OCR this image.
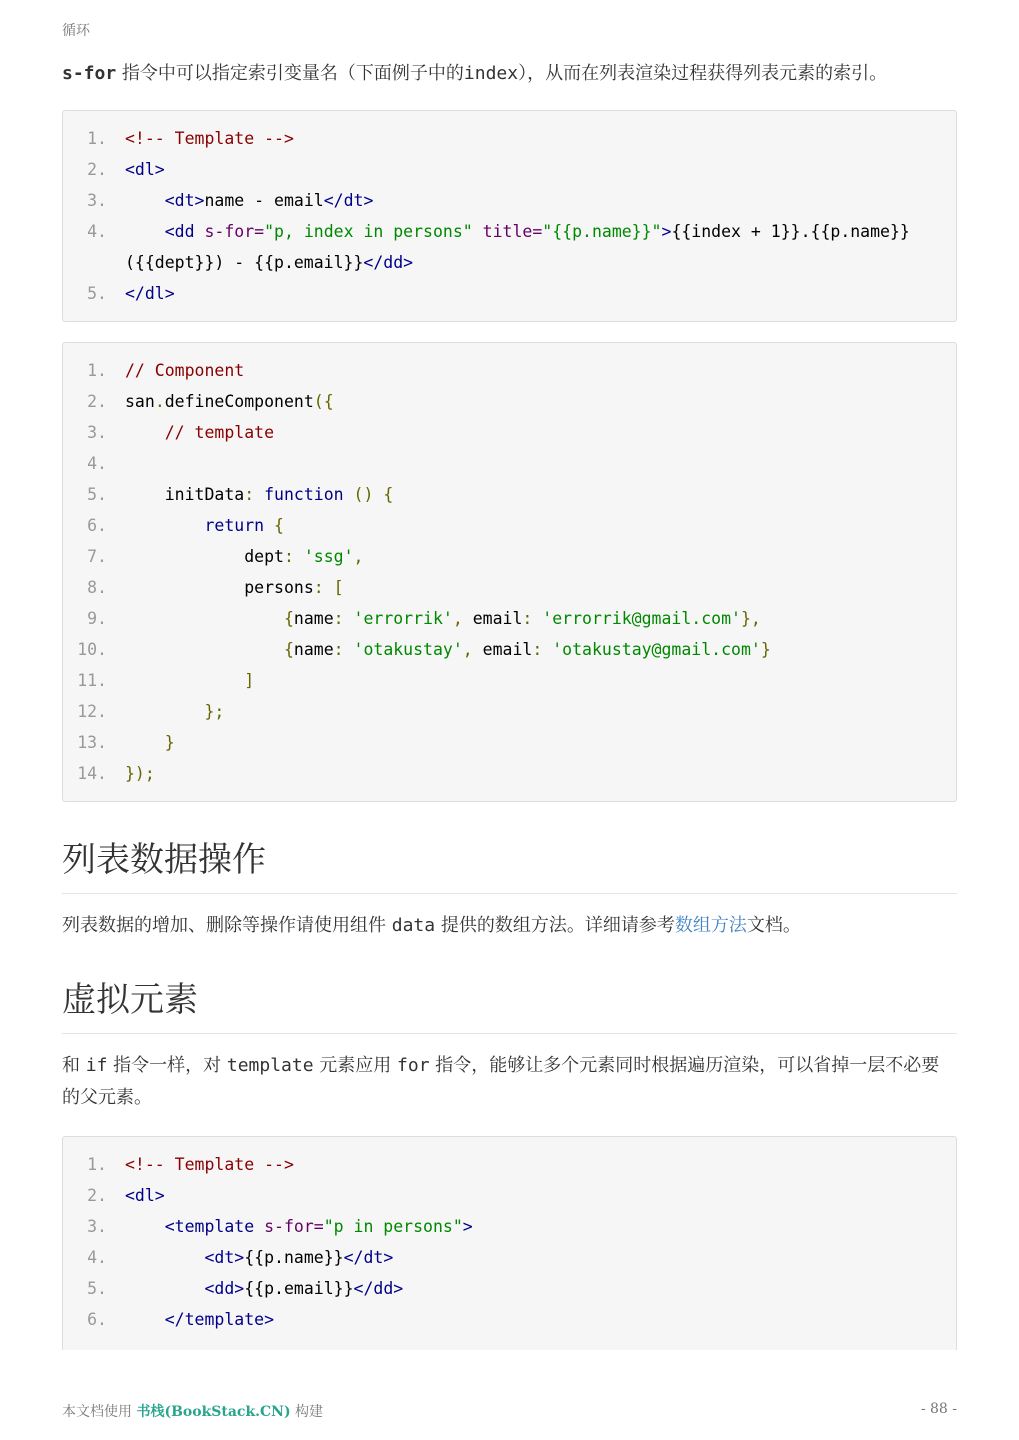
循环

s-for 指令中可以指定索引变量名（下面例子中的index），从而在列表渲染过程获得列表元素的索引。

1.	<!-- Template -->
2.	<dl>
3.	<dt>name - email</dt>
4.	<dd s-for="p, index in persons" title="{{p.name}}">{{index + 1}}.{{p.name}}({{dept}}) - {{p.email}}</dd>
5.	</dl>
1.	// Component
2.	san.defineComponent({
3.	// template
4.

5.	initData: function () {
6.	return {
7.	dept: 'ssg',
8.	persons: [
9.	{name: 'errorrik', email: 'errorrik@gmail.com'},
10.	{name: 'otakustay', email: 'otakustay@gmail.com'}
11.	]
12.	};
13.	}
14.	});
列表数据操作

列表数据的增加、删除等操作请使用组件 data 提供的数组方法。详细请参考数组方法文档。

虚拟元素

和 if 指令一样，对 template 元素应用 for 指令，能够让多个元素同时根据遍历渲染，可以省掉一层不必要的父元素。

1.	<!-- Template -->
2.	<dl>
3.	<template s-for="p in persons">
4.	<dt>{{p.name}}</dt>
5.	<dd>{{p.email}}</dd>
6.	</template>
本文档使用 书栈(BookStack.CN) 构建	- 88 -
